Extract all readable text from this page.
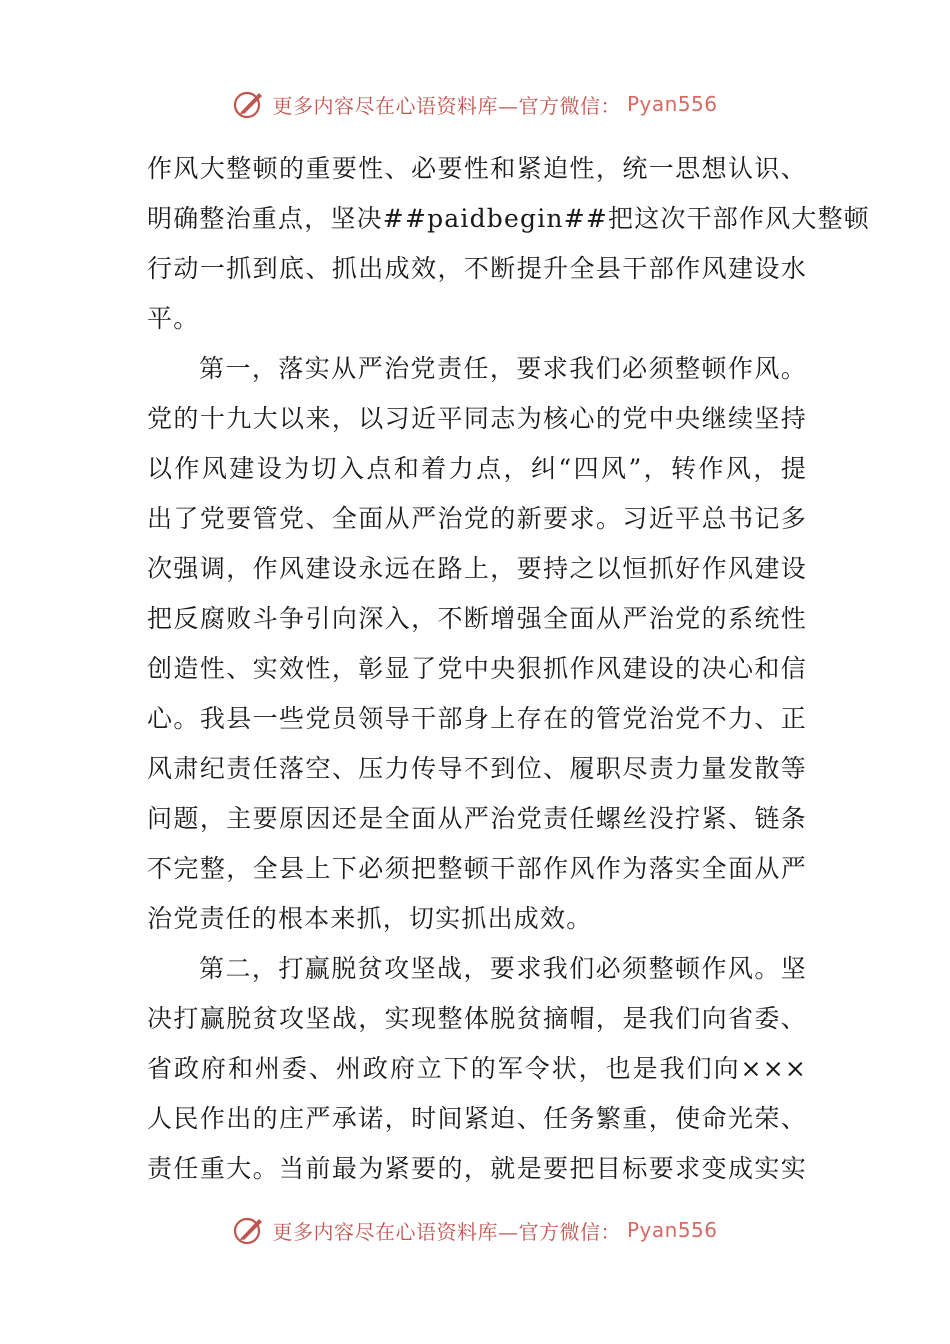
更多内容尽在心语资料库—官方微信： Pyan556
作风大整顿的重要性、必要性和紧迫性，统一思想认识、
明确整治重点，坚决##paidbegin##把这次干部作风大整顿
行动一抓到底、抓出成效，不断提升全县干部作风建设水
平。
第一，落实从严治党责任，要求我们必须整顿作风。
党的十九大以来，以习近平同志为核心的党中央继续坚持
以作风建设为切入点和着力点，纠“四风”，转作风，提
出了党要管党、全面从严治党的新要求。习近平总书记多
次强调，作风建设永远在路上，要持之以恒抓好作风建设
把反腐败斗争引向深入，不断增强全面从严治党的系统性
创造性、实效性，彰显了党中央狠抓作风建设的决心和信
心。我县一些党员领导干部身上存在的管党治党不力、正
风肃纪责任落空、压力传导不到位、履职尽责力量发散等
问题，主要原因还是全面从严治党责任螺丝没拧紧、链条
不完整，全县上下必须把整顿干部作风作为落实全面从严
治党责任的根本来抓，切实抓出成效。
第二，打赢脱贫攻坚战，要求我们必须整顿作风。坚
决打赢脱贫攻坚战，实现整体脱贫摘帽，是我们向省委、
省政府和州委、州政府立下的军令状，也是我们向×××
人民作出的庄严承诺，时间紧迫、任务繁重，使命光荣、
责任重大。当前最为紧要的，就是要把目标要求变成实实
更多内容尽在心语资料库—官方微信： Pyan556
